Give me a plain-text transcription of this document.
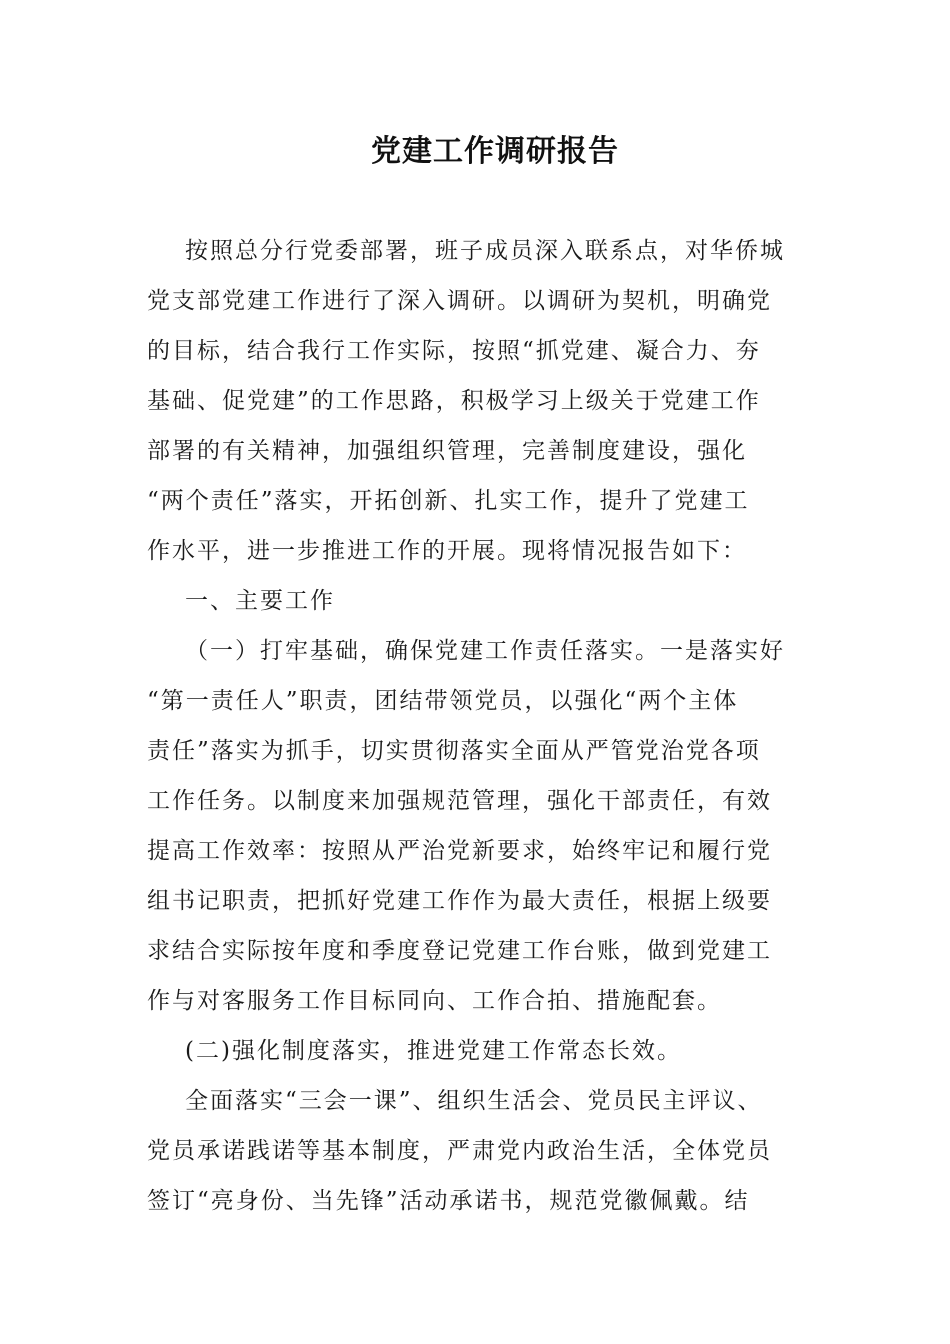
党建工作调研报告
按照总分行党委部署，班子成员深入联系点，对华侨城
党支部党建工作进行了深入调研。以调研为契机，明确党
的目标，结合我行工作实际，按照“抓党建、凝合力、夯
基础、促党建”的工作思路，积极学习上级关于党建工作
部署的有关精神，加强组织管理，完善制度建设，强化
“两个责任”落实，开拓创新、扎实工作，提升了党建工
作水平，进一步推进工作的开展。现将情况报告如下：
一、主要工作
（一）打牢基础，确保党建工作责任落实。一是落实好
“第一责任人”职责，团结带领党员，以强化“两个主体
责任”落实为抓手，切实贯彻落实全面从严管党治党各项
工作任务。以制度来加强规范管理，强化干部责任，有效
提高工作效率：按照从严治党新要求，始终牢记和履行党
组书记职责，把抓好党建工作作为最大责任，根据上级要
求结合实际按年度和季度登记党建工作台账，做到党建工
作与对客服务工作目标同向、工作合拍、措施配套。
(二)强化制度落实，推进党建工作常态长效。
全面落实“三会一课”、组织生活会、党员民主评议、
党员承诺践诺等基本制度，严肃党内政治生活，全体党员
签订“亮身份、当先锋”活动承诺书，规范党徽佩戴。结
